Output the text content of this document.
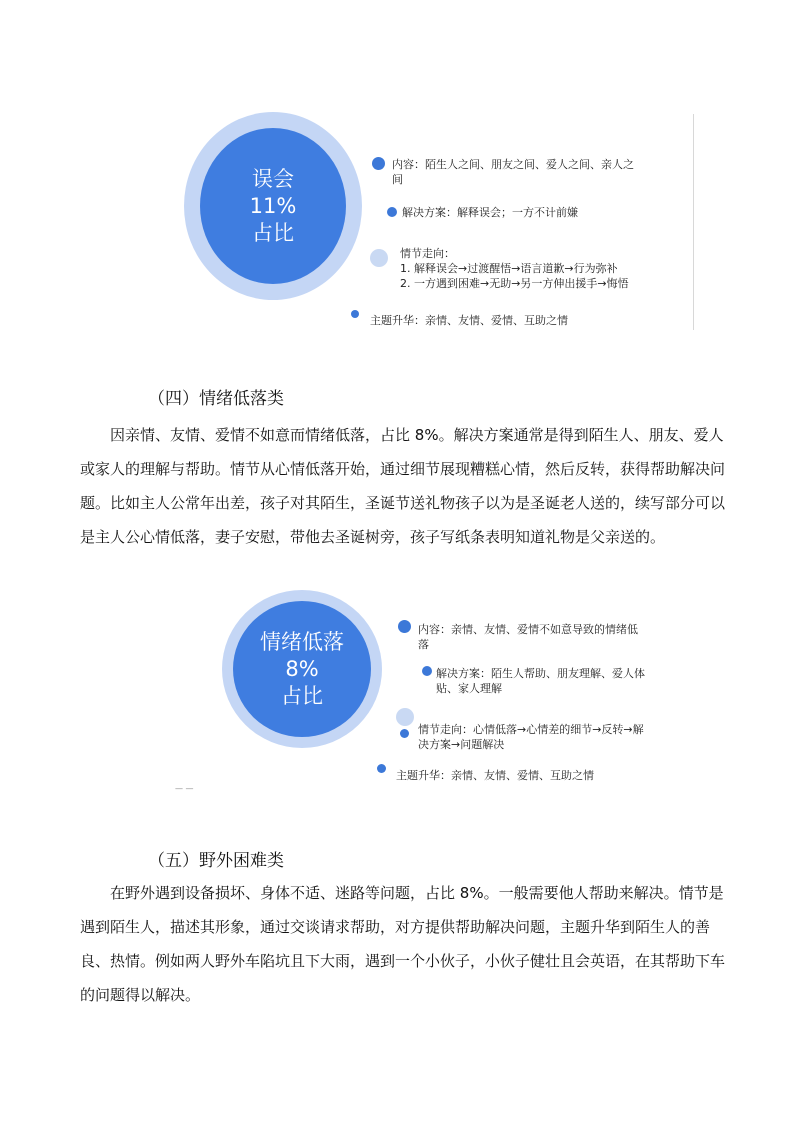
误会
11%
占比
内容：陌生人之间、朋友之间、爱人之间、亲人之间
解决方案：解释误会；一方不计前嫌
情节走向：
1. 解释误会→过渡醒悟→语言道歉→行为弥补
2. 一方遇到困难→无助→另一方伸出援手→悔悟
主题升华：亲情、友情、爱情、互助之情
（四）情绪低落类
因亲情、友情、爱情不如意而情绪低落，占比 8%。解决方案通常是得到陌生人、朋友、爱人或家人的理解与帮助。情节从心情低落开始，通过细节展现糟糕心情，然后反转，获得帮助解决问题。比如主人公常年出差，孩子对其陌生，圣诞节送礼物孩子以为是圣诞老人送的，续写部分可以是主人公心情低落，妻子安慰，带他去圣诞树旁，孩子写纸条表明知道礼物是父亲送的。
情绪低落
8%
占比
内容：亲情、友情、爱情不如意导致的情绪低落
解决方案：陌生人帮助、朋友理解、爱人体贴、家人理解
情节走向：心情低落→心情差的细节→反转→解决方案→问题解决
主题升华：亲情、友情、爱情、互助之情
— —
（五）野外困难类
在野外遇到设备损坏、身体不适、迷路等问题，占比 8%。一般需要他人帮助来解决。情节是遇到陌生人，描述其形象，通过交谈请求帮助，对方提供帮助解决问题，主题升华到陌生人的善良、热情。例如两人野外车陷坑且下大雨，遇到一个小伙子，小伙子健壮且会英语，在其帮助下车的问题得以解决。
